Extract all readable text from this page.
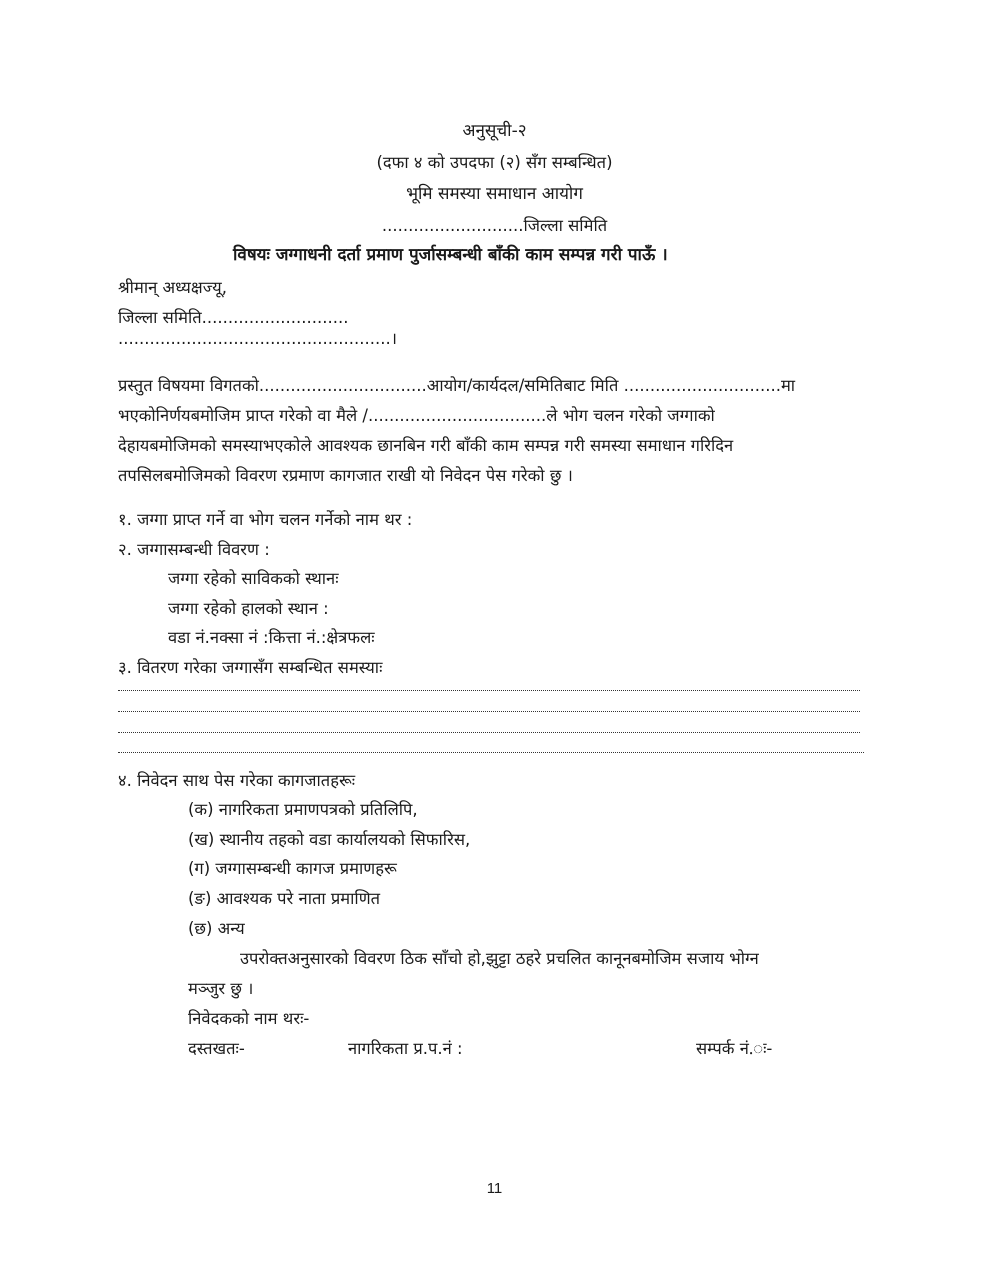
अनुसूची-२
(दफा ४ को उपदफा (२) सँग सम्बन्धित)
भूमि समस्या समाधान आयोग
...........................जिल्ला समिति
विषयः जग्गाधनी दर्ता प्रमाण पुर्जासम्बन्धी बाँकी काम सम्पन्न गरी पाऊँ ।
श्रीमान् अध्यक्षज्यू,
जिल्ला समिति............................
....................................................।
प्रस्तुत विषयमा विगतको................................आयोग/कार्यदल/समितिबाट मिति ..............................मा
भएकोनिर्णयबमोजिम प्राप्त गरेको वा मैले /..................................ले भोग चलन गरेको जग्गाको
देहायबमोजिमको समस्याभएकोले आवश्यक छानबिन गरी बाँकी काम सम्पन्न गरी समस्या समाधान गरिदिन
तपसिलबमोजिमको विवरण रप्रमाण कागजात राखी यो निवेदन पेस गरेको छु ।
१. जग्गा प्राप्त गर्ने वा भोग चलन गर्नेको नाम थर :
२. जग्गासम्बन्धी विवरण :
जग्गा रहेको साविकको स्थानः
जग्गा रहेको हालको स्थान :
वडा नं.नक्सा नं :कित्ता नं.:क्षेत्रफलः
३. वितरण गरेका जग्गासँग सम्बन्धित समस्याः
४. निवेदन साथ पेस गरेका कागजातहरूः
(क) नागरिकता प्रमाणपत्रको प्रतिलिपि,
(ख) स्थानीय तहको वडा कार्यालयको सिफारिस,
(ग) जग्गासम्बन्धी कागज प्रमाणहरू
(ङ) आवश्यक परे नाता प्रमाणित
(छ) अन्य
उपरोक्तअनुसारको विवरण ठिक साँचो हो,झुट्टा ठहरे प्रचलित कानूनबमोजिम सजाय भोग्न
मञ्जुर छु ।
निवेदकको नाम थरः-
दस्तखतः-	नागरिकता प्र.प.नं :	सम्पर्क नं.ः-
11
